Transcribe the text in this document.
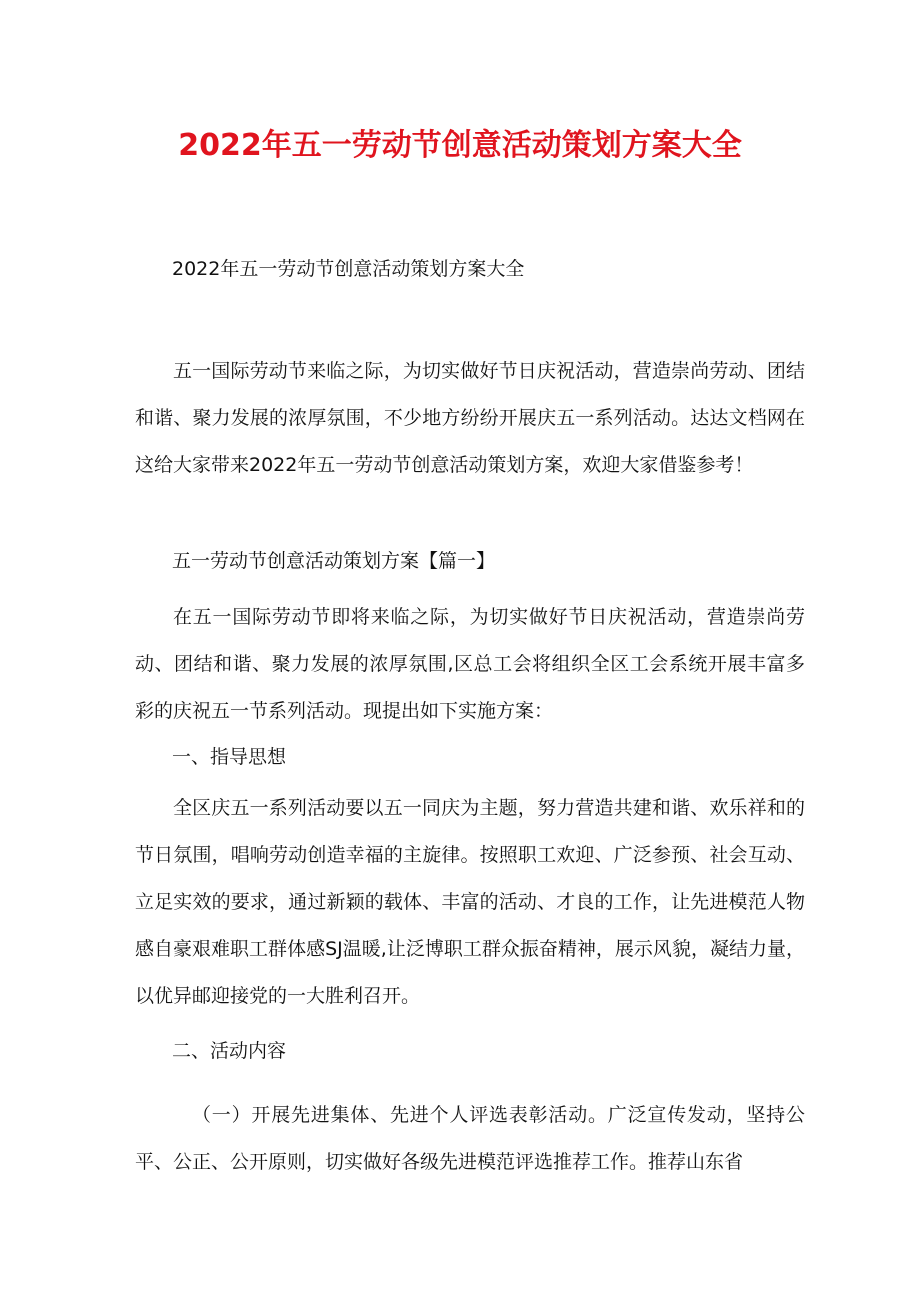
2022年五一劳动节创意活动策划方案大全

2022年五一劳动节创意活动策划方案大全

五一国际劳动节来临之际，为切实做好节日庆祝活动，营造崇尚劳动、团结和谐、聚力发展的浓厚氛围，不少地方纷纷开展庆五一系列活动。达达文档网在这给大家带来2022年五一劳动节创意活动策划方案，欢迎大家借鉴参考！

五一劳动节创意活动策划方案【篇一】

在五一国际劳动节即将来临之际，为切实做好节日庆祝活动，营造崇尚劳动、团结和谐、聚力发展的浓厚氛围,区总工会将组织全区工会系统开展丰富多彩的庆祝五一节系列活动。现提出如下实施方案：

一、指导思想

全区庆五一系列活动要以五一同庆为主题，努力营造共建和谐、欢乐祥和的节日氛围，唱响劳动创造幸福的主旋律。按照职工欢迎、广泛参预、社会互动、立足实效的要求，通过新颖的载体、丰富的活动、才良的工作，让先进模范人物感自豪艰难职工群体感SJ温暖,让泛博职工群众振奋精神，展示风貌，凝结力量，以优异邮迎接党的一大胜利召开。

二、活动内容

（一）开展先进集体、先进个人评选表彰活动。广泛宣传发动，坚持公平、公正、公开原则，切实做好各级先进模范评选推荐工作。推荐山东省
